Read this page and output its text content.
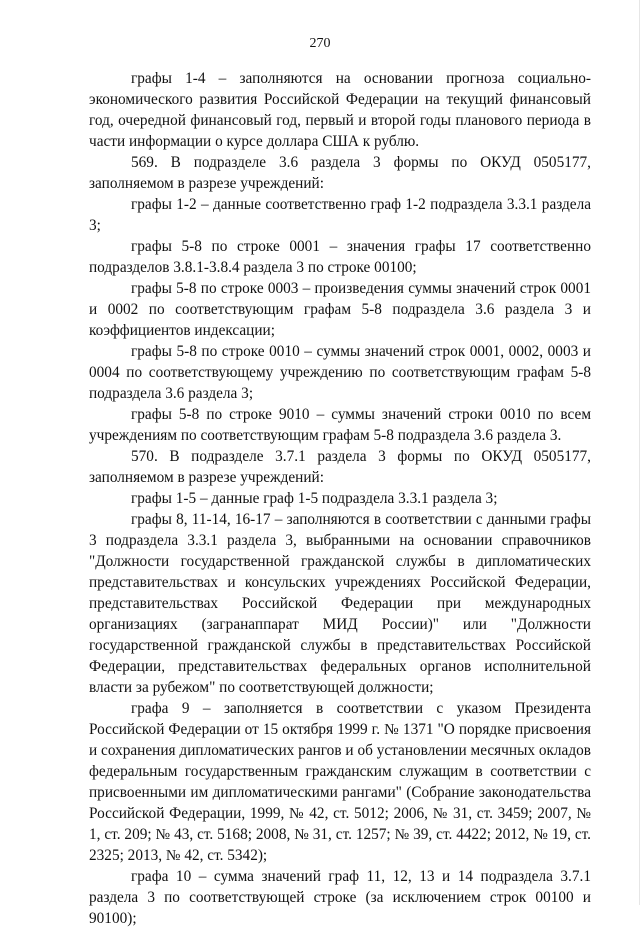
270

графы 1-4 – заполняются на основании прогноза социально-экономического развития Российской Федерации на текущий финансовый год, очередной финансовый год, первый и второй годы планового периода в части информации о курсе доллара США к рублю.

569. В подразделе 3.6 раздела 3 формы по ОКУД 0505177, заполняемом в разрезе учреждений:

графы 1-2 – данные соответственно граф 1-2 подраздела 3.3.1 раздела 3;

графы 5-8 по строке 0001 – значения графы 17 соответственно подразделов 3.8.1-3.8.4 раздела 3 по строке 00100;

графы 5-8 по строке 0003 – произведения суммы значений строк 0001 и 0002 по соответствующим графам 5-8 подраздела 3.6 раздела 3 и коэффициентов индексации;

графы 5-8 по строке 0010 – суммы значений строк 0001, 0002, 0003 и 0004 по соответствующему учреждению по соответствующим графам 5-8 подраздела 3.6 раздела 3;

графы 5-8 по строке 9010 – суммы значений строки 0010 по всем учреждениям по соответствующим графам 5-8 подраздела 3.6 раздела 3.

570. В подразделе 3.7.1 раздела 3 формы по ОКУД 0505177, заполняемом в разрезе учреждений:

графы 1-5 – данные граф 1-5 подраздела 3.3.1 раздела 3;

графы 8, 11-14, 16-17 – заполняются в соответствии с данными графы 3 подраздела 3.3.1 раздела 3, выбранными на основании справочников "Должности государственной гражданской службы в дипломатических представительствах и консульских учреждениях Российской Федерации, представительствах Российской Федерации при международных организациях (загранаппарат МИД России)" или "Должности государственной гражданской службы в представительствах Российской Федерации, представительствах федеральных органов исполнительной власти за рубежом" по соответствующей должности;

графа 9 – заполняется в соответствии с указом Президента Российской Федерации от 15 октября 1999 г. № 1371 "О порядке присвоения и сохранения дипломатических рангов и об установлении месячных окладов федеральным государственным гражданским служащим в соответствии с присвоенными им дипломатическими рангами" (Собрание законодательства Российской Федерации, 1999, № 42, ст. 5012; 2006, № 31, ст. 3459; 2007, № 1, ст. 209; № 43, ст. 5168; 2008, № 31, ст. 1257; № 39, ст. 4422; 2012, № 19, ст. 2325; 2013, № 42, ст. 5342);

графа 10 – сумма значений граф 11, 12, 13 и 14 подраздела 3.7.1 раздела 3 по соответствующей строке (за исключением строк 00100 и 90100);
